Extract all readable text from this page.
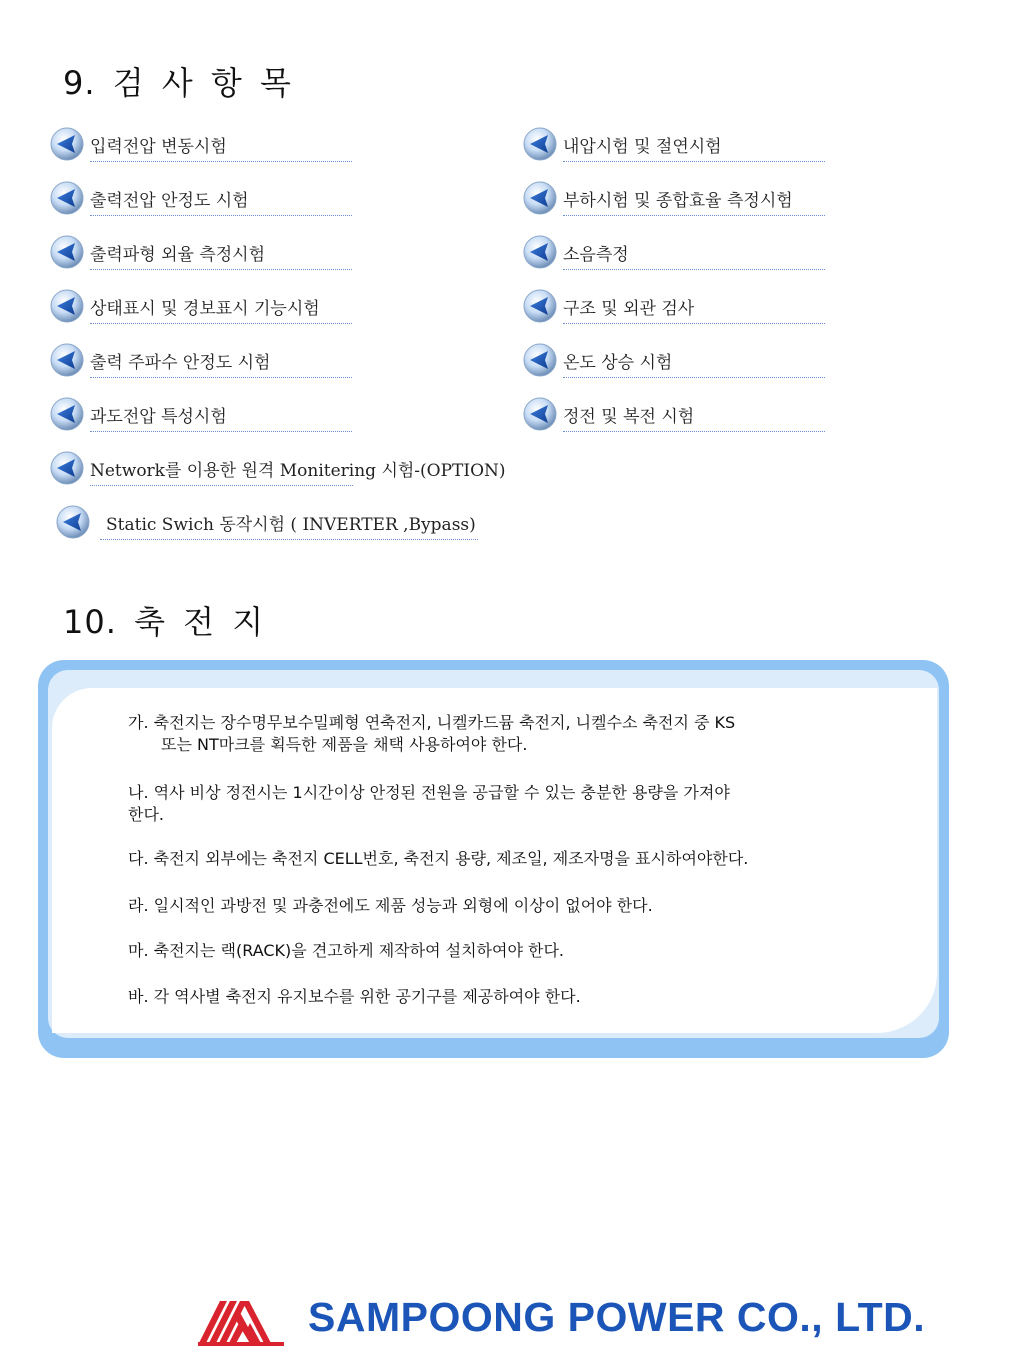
9. 검 사 항 목
입력전압 변동시험
출력전압 안정도 시험
출력파형 외율 측정시험
상태표시 및 경보표시 기능시험
출력 주파수 안정도 시험
과도전압 특성시험
내압시험 및 절연시험
부하시험 및 종합효율 측정시험
소음측정
구조 및 외관 검사
온도 상승 시험
정전 및 복전 시험
Network를 이용한 원격 Monitering 시험-(OPTION)
Static Swich 동작시험 ( INVERTER ,Bypass)
10. 축 전 지

가. 축전지는 장수명무보수밀폐형 연축전지, 니켈카드뮴 축전지, 니켈수소 축전지 중 KS
또는 NT마크를 획득한 제품을 채택 사용하여야 한다.

나. 역사 비상 정전시는 1시간이상 안정된 전원을 공급할 수 있는 충분한 용량을 가져야
한다.

다. 축전지 외부에는 축전지 CELL번호, 축전지 용량, 제조일, 제조자명을 표시하여야한다.

라. 일시적인 과방전 및 과충전에도 제품 성능과 외형에 이상이 없어야 한다.

마. 축전지는 랙(RACK)을 견고하게 제작하여 설치하여야 한다.

바. 각 역사별 축전지 유지보수를 위한 공기구를 제공하여야 한다.

SAMPOONG POWER CO., LTD.
